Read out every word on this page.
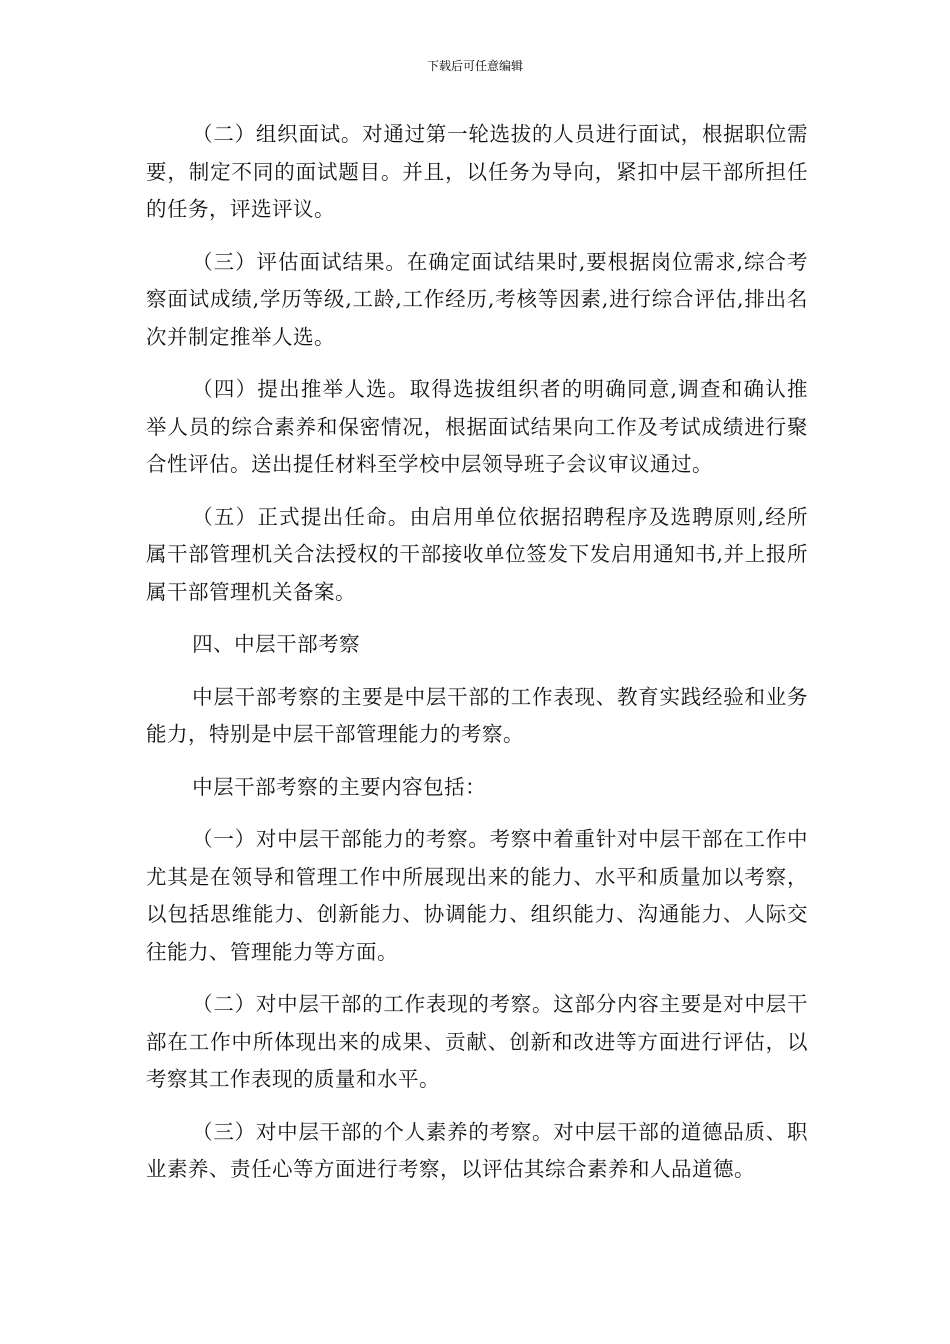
下载后可任意编辑

（二）组织面试。对通过第一轮选拔的人员进行面试，根据职位需要，制定不同的面试题目。并且，以任务为导向，紧扣中层干部所担任的任务，评选评议。

（三）评估面试结果。在确定面试结果时,要根据岗位需求,综合考察面试成绩,学历等级,工龄,工作经历,考核等因素,进行综合评估,排出名次并制定推举人选。

（四）提出推举人选。取得选拔组织者的明确同意,调查和确认推举人员的综合素养和保密情况，根据面试结果向工作及考试成绩进行聚合性评估。送出提任材料至学校中层领导班子会议审议通过。

（五）正式提出任命。由启用单位依据招聘程序及选聘原则,经所属干部管理机关合法授权的干部接收单位签发下发启用通知书,并上报所属干部管理机关备案。

四、中层干部考察

中层干部考察的主要是中层干部的工作表现、教育实践经验和业务能力，特别是中层干部管理能力的考察。

中层干部考察的主要内容包括：

（一）对中层干部能力的考察。考察中着重针对中层干部在工作中尤其是在领导和管理工作中所展现出来的能力、水平和质量加以考察，以包括思维能力、创新能力、协调能力、组织能力、沟通能力、人际交往能力、管理能力等方面。

（二）对中层干部的工作表现的考察。这部分内容主要是对中层干部在工作中所体现出来的成果、贡献、创新和改进等方面进行评估，以考察其工作表现的质量和水平。

（三）对中层干部的个人素养的考察。对中层干部的道德品质、职业素养、责任心等方面进行考察，以评估其综合素养和人品道德。
